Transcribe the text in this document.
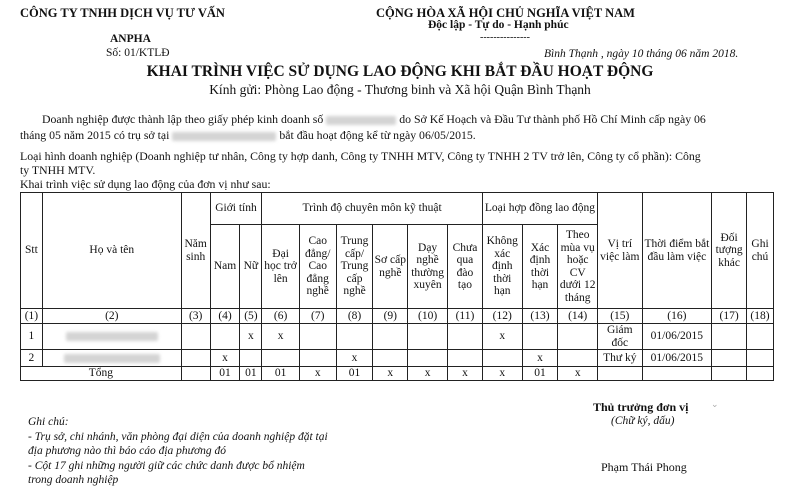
CÔNG TY TNHH DỊCH VỤ TƯ VẤN
ANPHA
Số: 01/KTLĐ
CỘNG HÒA XÃ HỘI CHỦ NGHĨA VIỆT NAM
Độc lập - Tự do - Hạnh phúc
---------------
Bình Thạnh , ngày 10 tháng 06 năm 2018.
KHAI TRÌNH VIỆC SỬ DỤNG LAO ĐỘNG KHI BẮT ĐẦU HOẠT ĐỘNG
Kính gửi: Phòng Lao động - Thương binh và Xã hội Quận Bình Thạnh
Doanh nghiệp được thành lập theo giấy phép kinh doanh số	do Sở Kế Hoạch và Đầu Tư thành phố Hồ Chí Minh cấp ngày 06
tháng 05 năm 2015 có trụ sở tại	bắt đầu hoạt động kể từ ngày 06/05/2015.
Loại hình doanh nghiệp (Doanh nghiệp tư nhân, Công ty hợp danh, Công ty TNHH MTV, Công ty TNHH 2 TV trở lên, Công ty cổ phần): Công
ty TNHH MTV.
Khai trình việc sử dụng lao động của đơn vị như sau:
Stt	Họ và tên	Năm sinh	Giới tính		Trình độ chuyên môn kỹ thuật						Loại hợp đồng lao động			Vị trí việc làm	Thời điểm bắt đầu làm việc	Đối tượng khác	Ghi chú
			Nam	Nữ	Đại học trở lên	Cao đẳng/ Cao đẳng nghề	Trung cấp/ Trung cấp nghề	Sơ cấp nghề	Dạy nghề thường xuyên	Chưa qua đào tạo	Không xác định thời hạn	Xác định thời hạn	Theo mùa vụ hoặc CV dưới 12 tháng				
(1)	(2)	(3)	(4)	(5)	(6)	(7)	(8)	(9)	(10)	(11)	(12)	(13)	(14)	(15)	(16)	(17)	(18)
1				x	x						x			Giám đốc	01/06/2015		
2			x				x					x		Thư ký	01/06/2015		
Tổng			01	01	01	x	01	x	x	x	x	01	x				
Ghi chú:
- Trụ sở, chi nhánh, văn phòng đại diện của doanh nghiệp đặt tại
địa phương nào thì báo cáo địa phương đó
- Cột 17 ghi những người giữ các chức danh được bổ nhiệm
trong doanh nghiệp
Thủ trưởng đơn vị ⌄
(Chữ ký, dấu)
Phạm Thái Phong
